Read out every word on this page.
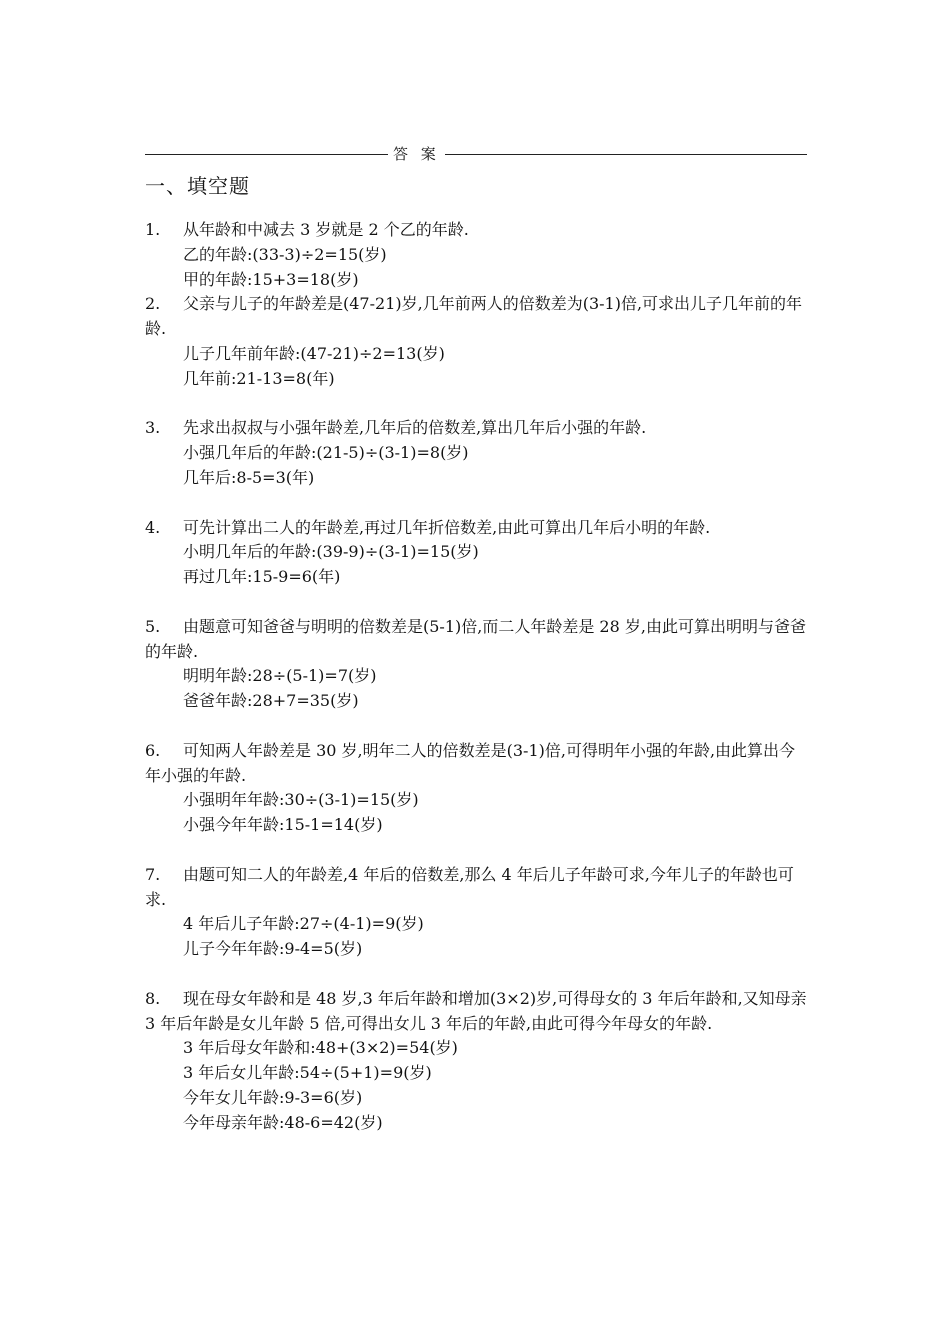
答 案
一、填空题
1. 从年龄和中减去 3 岁就是 2 个乙的年龄.
乙的年龄:(33-3)÷2=15(岁)
甲的年龄:15+3=18(岁)
2. 父亲与儿子的年龄差是(47-21)岁,几年前两人的倍数差为(3-1)倍,可求出儿子几年前的年龄.
儿子几年前年龄:(47-21)÷2=13(岁)
几年前:21-13=8(年)
3. 先求出叔叔与小强年龄差,几年后的倍数差,算出几年后小强的年龄.
小强几年后的年龄:(21-5)÷(3-1)=8(岁)
几年后:8-5=3(年)
4. 可先计算出二人的年龄差,再过几年折倍数差,由此可算出几年后小明的年龄.
小明几年后的年龄:(39-9)÷(3-1)=15(岁)
再过几年:15-9=6(年)
5. 由题意可知爸爸与明明的倍数差是(5-1)倍,而二人年龄差是 28 岁,由此可算出明明与爸爸的年龄.
明明年龄:28÷(5-1)=7(岁)
爸爸年龄:28+7=35(岁)
6. 可知两人年龄差是 30 岁,明年二人的倍数差是(3-1)倍,可得明年小强的年龄,由此算出今年小强的年龄.
小强明年年龄:30÷(3-1)=15(岁)
小强今年年龄:15-1=14(岁)
7. 由题可知二人的年龄差,4 年后的倍数差,那么 4 年后儿子年龄可求,今年儿子的年龄也可求.
4 年后儿子年龄:27÷(4-1)=9(岁)
儿子今年年龄:9-4=5(岁)
8. 现在母女年龄和是 48 岁,3 年后年龄和增加(3×2)岁,可得母女的 3 年后年龄和,又知母亲 3 年后年龄是女儿年龄 5 倍,可得出女儿 3 年后的年龄,由此可得今年母女的年龄.
3 年后母女年龄和:48+(3×2)=54(岁)
3 年后女儿年龄:54÷(5+1)=9(岁)
今年女儿年龄:9-3=6(岁)
今年母亲年龄:48-6=42(岁)
